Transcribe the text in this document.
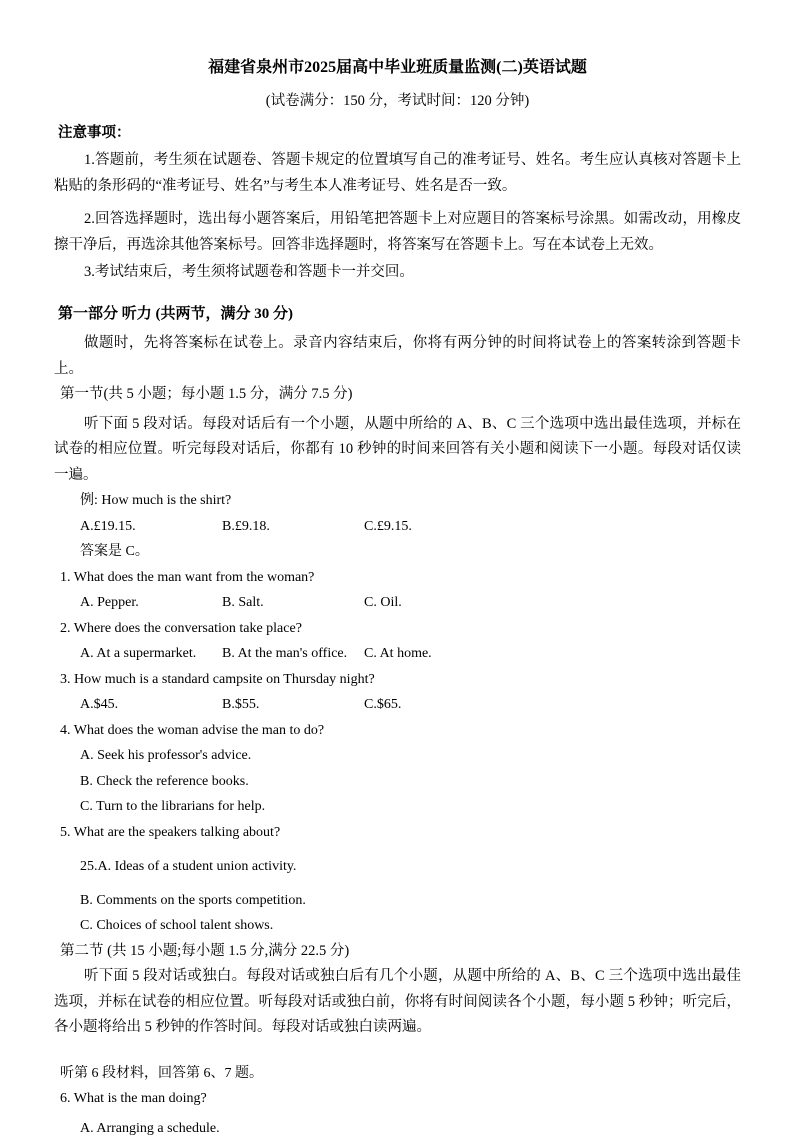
福建省泉州市2025届高中毕业班质量监测(二)英语试题
(试卷满分：150 分，考试时间：120 分钟)
注意事项：

1.答题前，考生须在试题卷、答题卡规定的位置填写自己的准考证号、姓名。考生应认真核对答题卡上粘贴的条形码的“准考证号、姓名”与考生本人准考证号、姓名是否一致。

2.回答选择题时，选出每小题答案后，用铅笔把答题卡上对应题目的答案标号涂黑。如需改动，用橡皮擦干净后，再选涂其他答案标号。回答非选择题时，将答案写在答题卡上。写在本试卷上无效。

3.考试结束后，考生须将试题卷和答题卡一并交回。

第一部分 听力 (共两节，满分 30 分)

做题时，先将答案标在试卷上。录音内容结束后，你将有两分钟的时间将试卷上的答案转涂到答题卡上。

第一节(共 5 小题；每小题 1.5 分，满分 7.5 分)

听下面 5 段对话。每段对话后有一个小题，从题中所给的 A、B、C 三个选项中选出最佳选项，并标在试卷的相应位置。听完每段对话后，你都有 10 秒钟的时间来回答有关小题和阅读下一小题。每段对话仅读一遍。

例: How much is the shirt?
A.£19.15.	B.£9.18.	C.£9.15.
答案是 C。
1. What does the man want from the woman?
A. Pepper.	B. Salt.	C. Oil.
2. Where does the conversation take place?
A. At a supermarket. B. At the man's office. C. At home.
3. How much is a standard campsite on Thursday night?
A.$45.	B.$55.	C.$65.
4. What does the woman advise the man to do?
A. Seek his professor's advice.
B. Check the reference books.
C. Turn to the librarians for help.
5. What are the speakers talking about?
25.A. Ideas of a student union activity.
B. Comments on the sports competition.
C. Choices of school talent shows.
第二节 (共 15 小题;每小题 1.5 分,满分 22.5 分)

听下面 5 段对话或独白。每段对话或独白后有几个小题，从题中所给的 A、B、C 三个选项中选出最佳选项，并标在试卷的相应位置。听每段对话或独白前，你将有时间阅读各个小题，每小题 5 秒钟；听完后，各小题将给出 5 秒钟的作答时间。每段对话或独白读两遍。

听第 6 段材料，回答第 6、7 题。
6. What is the man doing?
A. Arranging a schedule.
